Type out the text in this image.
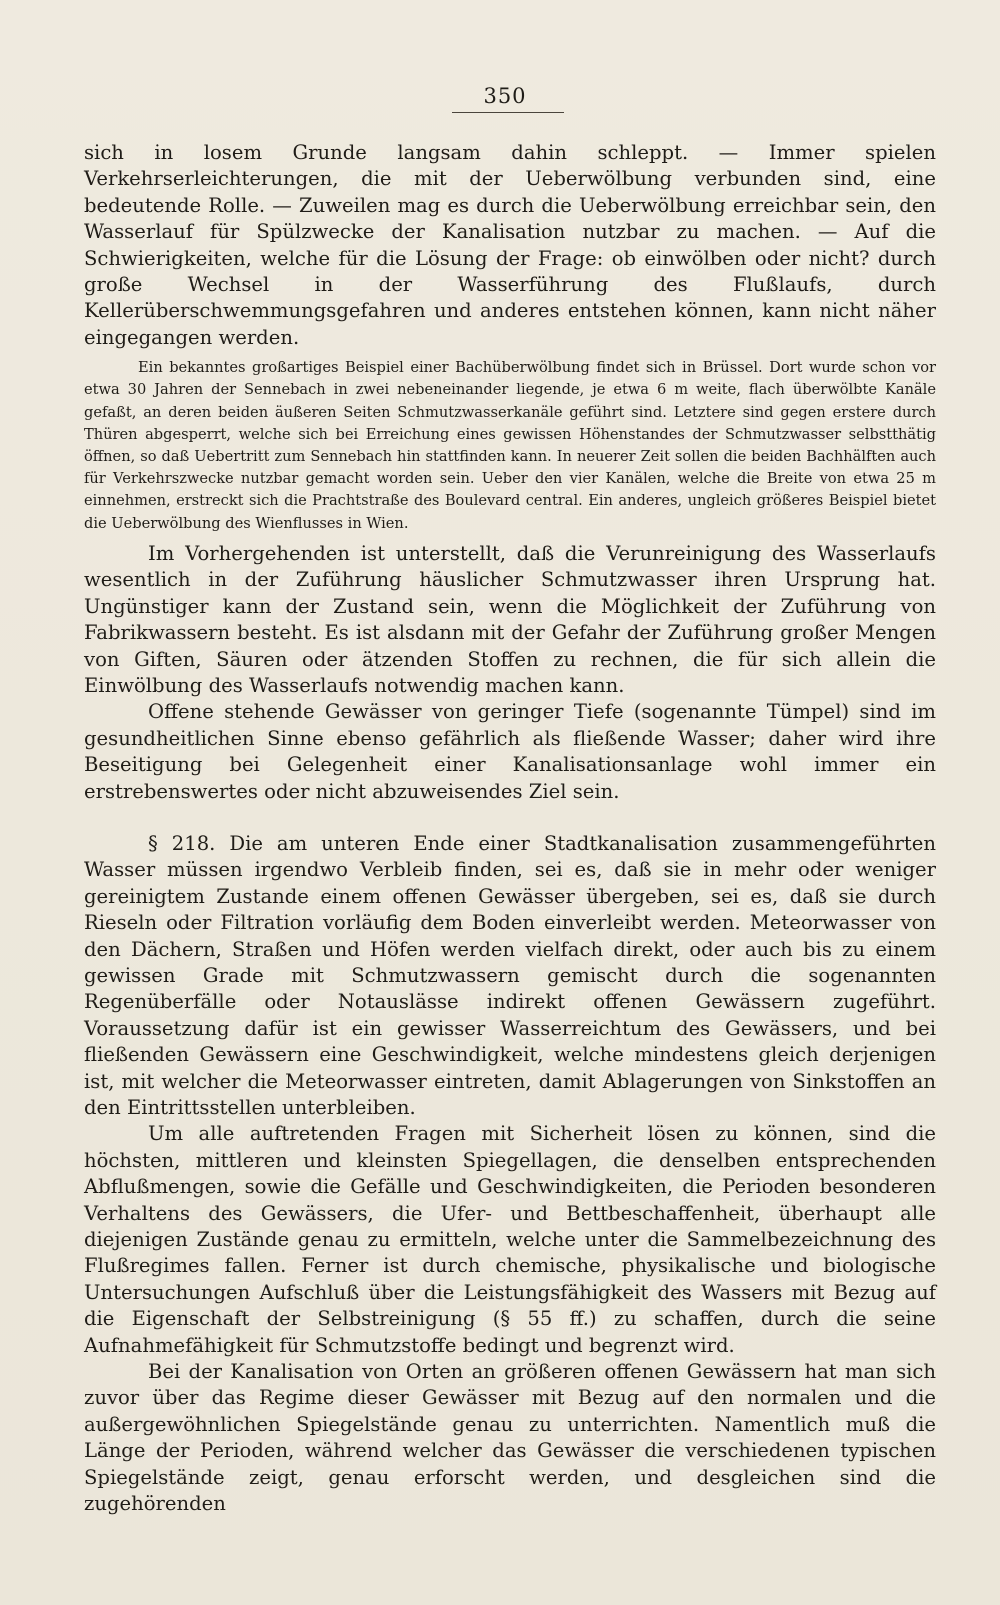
350

sich in losem Grunde langsam dahin schleppt. — Immer spielen Verkehrserleichterungen, die mit der Ueberwölbung verbunden sind, eine bedeutende Rolle. — Zuweilen mag es durch die Ueberwölbung erreichbar sein, den Wasserlauf für Spülzwecke der Kanalisation nutzbar zu machen. — Auf die Schwierigkeiten, welche für die Lösung der Frage: ob einwölben oder nicht? durch große Wechsel in der Wasserführung des Flußlaufs, durch Kellerüberschwemmungsgefahren und anderes entstehen können, kann nicht näher eingegangen werden.

Ein bekanntes großartiges Beispiel einer Bachüberwölbung findet sich in Brüssel. Dort wurde schon vor etwa 30 Jahren der Sennebach in zwei nebeneinander liegende, je etwa 6 m weite, flach überwölbte Kanäle gefaßt, an deren beiden äußeren Seiten Schmutzwasserkanäle geführt sind. Letztere sind gegen erstere durch Thüren abgesperrt, welche sich bei Erreichung eines gewissen Höhenstandes der Schmutzwasser selbstthätig öffnen, so daß Uebertritt zum Sennebach hin stattfinden kann. In neuerer Zeit sollen die beiden Bachhälften auch für Verkehrszwecke nutzbar gemacht worden sein. Ueber den vier Kanälen, welche die Breite von etwa 25 m einnehmen, erstreckt sich die Prachtstraße des Boulevard central. Ein anderes, ungleich größeres Beispiel bietet die Ueberwölbung des Wienflusses in Wien.

Im Vorhergehenden ist unterstellt, daß die Verunreinigung des Wasserlaufs wesentlich in der Zuführung häuslicher Schmutzwasser ihren Ursprung hat. Ungünstiger kann der Zustand sein, wenn die Möglichkeit der Zuführung von Fabrikwassern besteht. Es ist alsdann mit der Gefahr der Zuführung großer Mengen von Giften, Säuren oder ätzenden Stoffen zu rechnen, die für sich allein die Einwölbung des Wasserlaufs notwendig machen kann.

Offene stehende Gewässer von geringer Tiefe (sogenannte Tümpel) sind im gesundheitlichen Sinne ebenso gefährlich als fließende Wasser; daher wird ihre Beseitigung bei Gelegenheit einer Kanalisationsanlage wohl immer ein erstrebenswertes oder nicht abzuweisendes Ziel sein.

§ 218. Die am unteren Ende einer Stadtkanalisation zusammengeführten Wasser müssen irgendwo Verbleib finden, sei es, daß sie in mehr oder weniger gereinigtem Zustande einem offenen Gewässer übergeben, sei es, daß sie durch Rieseln oder Filtration vorläufig dem Boden einverleibt werden. Meteorwasser von den Dächern, Straßen und Höfen werden vielfach direkt, oder auch bis zu einem gewissen Grade mit Schmutzwassern gemischt durch die sogenannten Regenüberfälle oder Notauslässe indirekt offenen Gewässern zugeführt. Voraussetzung dafür ist ein gewisser Wasserreichtum des Gewässers, und bei fließenden Gewässern eine Geschwindigkeit, welche mindestens gleich derjenigen ist, mit welcher die Meteorwasser eintreten, damit Ablagerungen von Sinkstoffen an den Eintrittsstellen unterbleiben.

Um alle auftretenden Fragen mit Sicherheit lösen zu können, sind die höchsten, mittleren und kleinsten Spiegellagen, die denselben entsprechenden Abflußmengen, sowie die Gefälle und Geschwindigkeiten, die Perioden besonderen Verhaltens des Gewässers, die Ufer- und Bettbeschaffenheit, überhaupt alle diejenigen Zustände genau zu ermitteln, welche unter die Sammelbezeichnung des Flußregimes fallen. Ferner ist durch chemische, physikalische und biologische Untersuchungen Aufschluß über die Leistungsfähigkeit des Wassers mit Bezug auf die Eigenschaft der Selbstreinigung (§ 55 ff.) zu schaffen, durch die seine Aufnahmefähigkeit für Schmutzstoffe bedingt und begrenzt wird.

Bei der Kanalisation von Orten an größeren offenen Gewässern hat man sich zuvor über das Regime dieser Gewässer mit Bezug auf den normalen und die außergewöhnlichen Spiegelstände genau zu unterrichten. Namentlich muß die Länge der Perioden, während welcher das Gewässer die verschiedenen typischen Spiegelstände zeigt, genau erforscht werden, und desgleichen sind die zugehörenden
